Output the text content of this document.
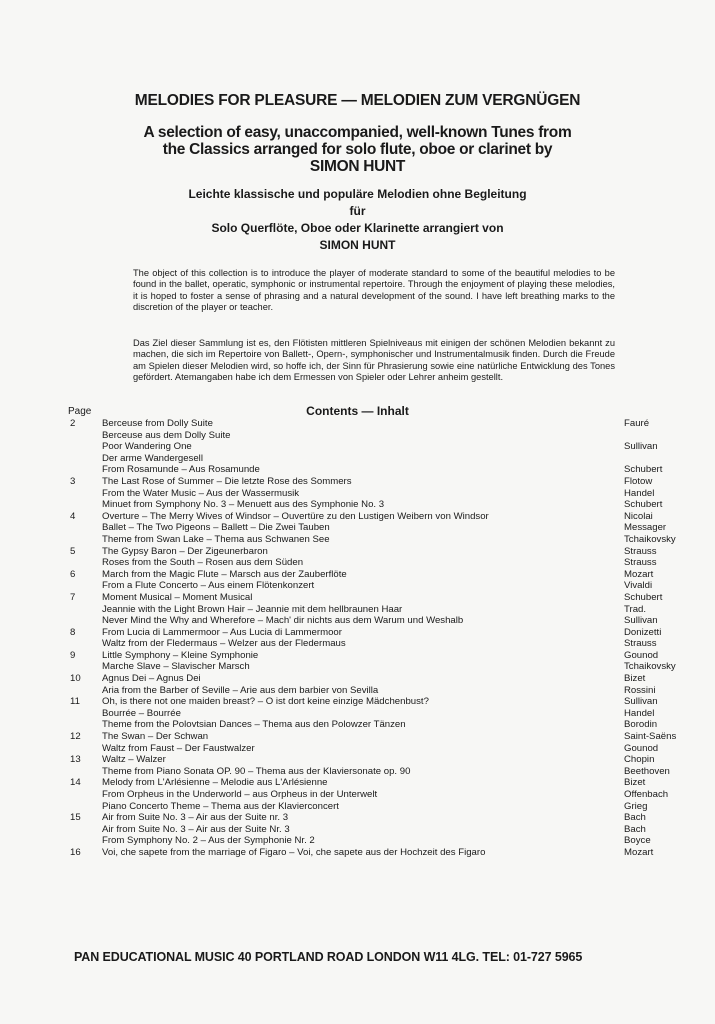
MELODIES FOR PLEASURE — MELODIEN ZUM VERGNÜGEN
A selection of easy, unaccompanied, well-known Tunes from
the Classics arranged for solo flute, oboe or clarinet by
SIMON HUNT
Leichte klassische und populäre Melodien ohne Begleitung
für
Solo Querflöte, Oboe oder Klarinette arrangiert von
SIMON HUNT
The object of this collection is to introduce the player of moderate standard to some of the beautiful melodies to be found in the ballet, operatic, symphonic or instrumental repertoire. Through the enjoyment of playing these melodies, it is hoped to foster a sense of phrasing and a natural development of the sound. I have left breathing marks to the discretion of the player or teacher.
Das Ziel dieser Sammlung ist es, den Flötisten mittleren Spielniveaus mit einigen der schönen Melodien bekannt zu machen, die sich im Repertoire von Ballett-, Opern-, symphonischer und Instrumentalmusik finden. Durch die Freude am Spielen dieser Melodien wird, so hoffe ich, der Sinn für Phrasierung sowie eine natürliche Entwicklung des Tones gefördert. Atemangaben habe ich dem Ermessen von Spieler oder Lehrer anheim gestellt.
Page	Contents — Inhalt
2	Berceuse from Dolly Suite	Fauré
Berceuse aus dem Dolly Suite
Poor Wandering One	Sullivan
Der arme Wandergesell
From Rosamunde – Aus Rosamunde	Schubert
3	The Last Rose of Summer – Die letzte Rose des Sommers	Flotow
From the Water Music – Aus der Wassermusik	Handel
Minuet from Symphony No. 3 – Menuett aus des Symphonie No. 3	Schubert
4	Overture – The Merry Wives of Windsor – Ouvertüre zu den Lustigen Weibern von Windsor	Nicolai
Ballet – The Two Pigeons – Ballett – Die Zwei Tauben	Messager
Theme from Swan Lake – Thema aus Schwanen See	Tchaikovsky
5	The Gypsy Baron – Der Zigeunerbaron	Strauss
Roses from the South – Rosen aus dem Süden	Strauss
6	March from the Magic Flute – Marsch aus der Zauberflöte	Mozart
From a Flute Concerto – Aus einem Flötenkonzert	Vivaldi
7	Moment Musical – Moment Musical	Schubert
Jeannie with the Light Brown Hair – Jeannie mit dem hellbraunen Haar	Trad.
Never Mind the Why and Wherefore – Mach' dir nichts aus dem Warum und Weshalb	Sullivan
8	From Lucia di Lammermoor – Aus Lucia di Lammermoor	Donizetti
Waltz from der Fledermaus – Welzer aus der Fledermaus	Strauss
9	Little Symphony – Kleine Symphonie	Gounod
Marche Slave – Slavischer Marsch	Tchaikovsky
10	Agnus Dei – Agnus Dei	Bizet
Aria from the Barber of Seville – Arie aus dem barbier von Sevilla	Rossini
11	Oh, is there not one maiden breast? – O ist dort keine einzige Mädchenbust?	Sullivan
Bourrée – Bourrée	Handel
Theme from the Polovtsian Dances – Thema aus den Polowzer Tänzen	Borodin
12	The Swan – Der Schwan	Saint-Saëns
Waltz from Faust – Der Faustwalzer	Gounod
13	Waltz – Walzer	Chopin
Theme from Piano Sonata OP. 90 – Thema aus der Klaviersonate op. 90	Beethoven
14	Melody from L'Arlésienne – Melodie aus L'Arlésienne	Bizet
From Orpheus in the Underworld – aus Orpheus in der Unterwelt	Offenbach
Piano Concerto Theme – Thema aus der Klavierconcert	Grieg
15	Air from Suite No. 3 – Air aus der Suite nr. 3	Bach
Air from Suite No. 3 – Air aus der Suite Nr. 3	Bach
From Symphony No. 2 – Aus der Symphonie Nr. 2	Boyce
16	Voi, che sapete from the marriage of Figaro – Voi, che sapete aus der Hochzeit des Figaro	Mozart
PAN EDUCATIONAL MUSIC 40 PORTLAND ROAD LONDON W11 4LG. TEL: 01-727 5965
